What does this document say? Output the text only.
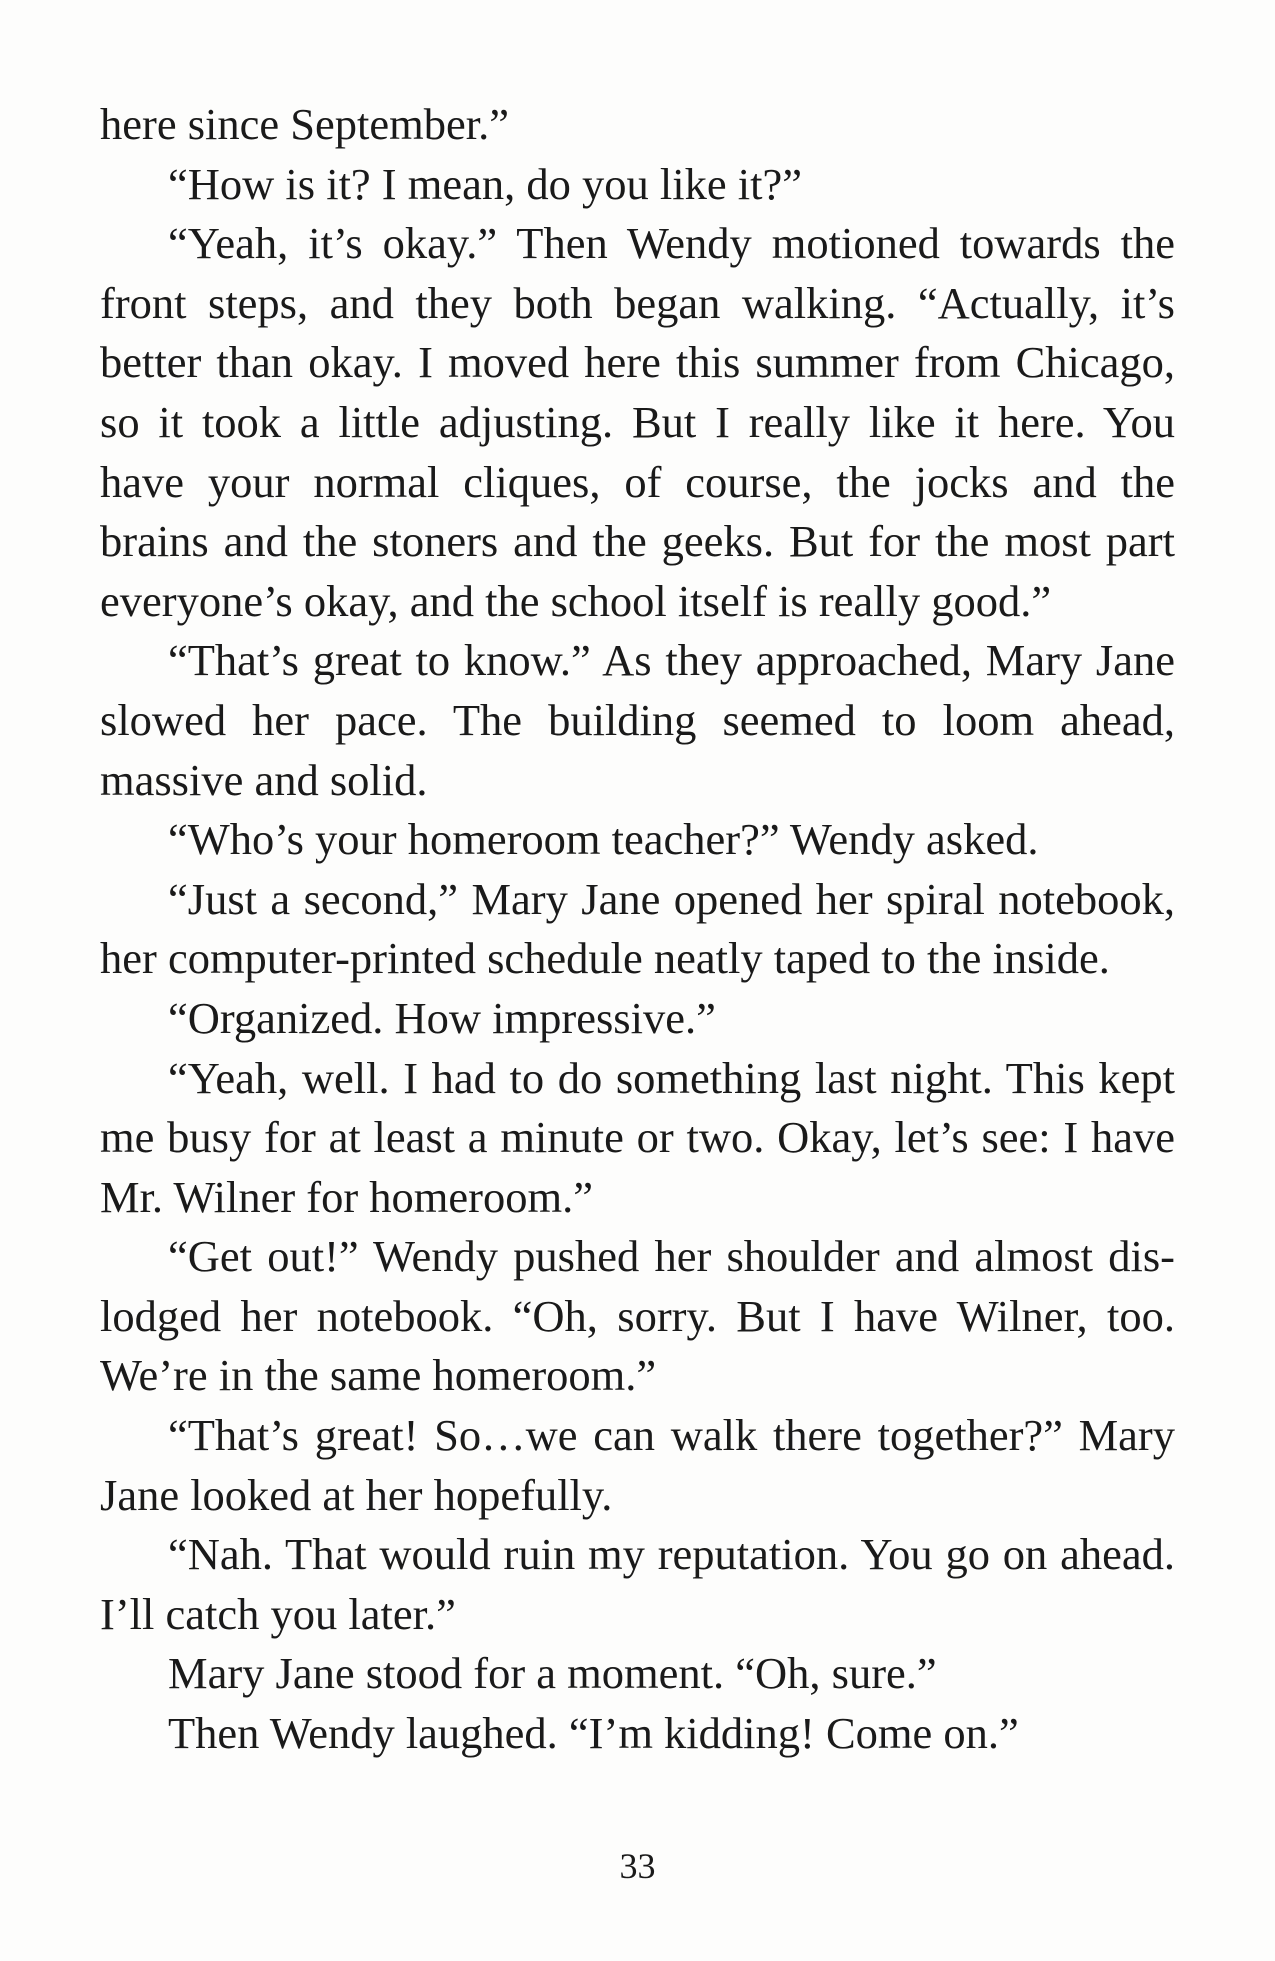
here since September.”

“How is it? I mean, do you like it?”

“Yeah, it’s okay.” Then Wendy motioned towards the front steps, and they both began walking. “Actually, it’s better than okay. I moved here this summer from Chicago, so it took a little adjusting. But I really like it here. You have your normal cliques, of course, the jocks and the brains and the stoners and the geeks. But for the most part everyone’s okay, and the school itself is really good.”

“That’s great to know.” As they approached, Mary Jane slowed her pace. The building seemed to loom ahead, massive and solid.

“Who’s your homeroom teacher?” Wendy asked.

“Just a second,” Mary Jane opened her spiral notebook, her computer-printed schedule neatly taped to the inside.

“Organized. How impressive.”

“Yeah, well. I had to do something last night. This kept me busy for at least a minute or two. Okay, let’s see: I have Mr. Wilner for homeroom.”

“Get out!” Wendy pushed her shoulder and almost dis-lodged her notebook. “Oh, sorry. But I have Wilner, too. We’re in the same homeroom.”

“That’s great! So…we can walk there together?” Mary Jane looked at her hopefully.

“Nah. That would ruin my reputation. You go on ahead. I’ll catch you later.”

Mary Jane stood for a moment. “Oh, sure.”

Then Wendy laughed. “I’m kidding! Come on.”

33
